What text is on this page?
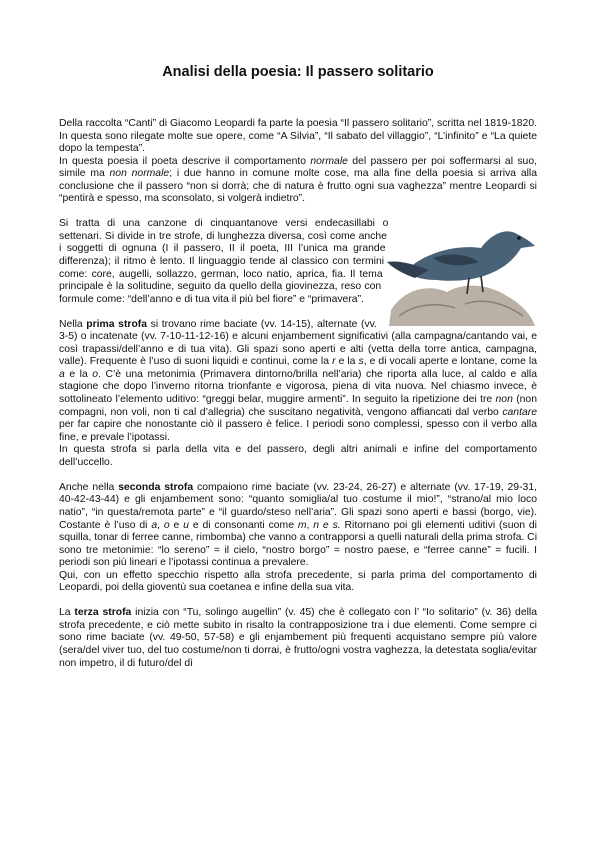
Analisi della poesia: Il passero solitario

Della raccolta “Canti” di Giacomo Leopardi fa parte la poesia “Il passero solitario”, scritta nel 1819-1820. In questa sono rilegate molte sue opere, come “A Silvia”, “Il sabato del villaggio”, “L’infinito” e “La quiete dopo la tempesta”.

In questa poesia il poeta descrive il comportamento normale del passero per poi soffermarsi al suo, simile ma non normale; i due hanno in comune molte cose, ma alla fine della poesia si arriva alla conclusione che il passero “non si dorrà; che di natura è frutto ogni sua vaghezza” mentre Leopardi si “pentirà e spesso, ma sconsolato, si volgerà indietro”.

Si tratta di una canzone di cinquantanove versi endecasillabi o settenari. Si divide in tre strofe, di lunghezza diversa, così come anche i soggetti di ognuna (I il passero, II il poeta, III l’unica ma grande differenza); il ritmo è lento. Il linguaggio tende al classico con termini come: core, augelli, sollazzo, german, loco natio, aprica, fia. Il tema principale è la solitudine, seguito da quello della giovinezza, reso con formule come: “dell’anno e di tua vita il più bel fiore” e “primavera”.

Nella prima strofa si trovano rime baciate (vv. 14-15), alternate (vv. 3-5) o incatenate (vv. 7-10-11-12-16) e alcuni enjambement significativi (alla campagna/cantando vai, e così trapassi/dell’anno e di tua vita). Gli spazi sono aperti e alti (vetta della torre antica, campagna, valle). Frequente è l’uso di suoni liquidi e continui, come la r e la s, e di vocali aperte e lontane, come la a e la o. C’è una metonimia (Primavera dintorno/brilla nell’aria) che riporta alla luce, al caldo e alla stagione che dopo l’inverno ritorna trionfante e vigorosa, piena di vita nuova. Nel chiasmo invece, è sottolineato l’elemento uditivo: “greggi belar, muggire armenti”. In seguito la ripetizione dei tre non (non compagni, non voli, non ti cal d’allegria) che suscitano negatività, vengono affiancati dal verbo cantare per far capire che nonostante ciò il passero è felice. I periodi sono complessi, spesso con il verbo alla fine, e prevale l’ipotassi.

In questa strofa si parla della vita e del passero, degli altri animali e infine del comportamento dell’uccello.

Anche nella seconda strofa compaiono rime baciate (vv. 23-24, 26-27) e alternate (vv. 17-19, 29-31, 40-42-43-44) e gli enjambement sono: “quanto somiglia/al tuo costume il mio!”, “strano/al mio loco natio”, “in questa/remota parte” e “il guardo/steso nell’aria”. Gli spazi sono aperti e bassi (borgo, vie). Costante è l’uso di a, o e u e di consonanti come m, n e s. Ritornano poi gli elementi uditivi (suon di squilla, tonar di ferree canne, rimbomba) che vanno a contrapporsi a quelli naturali della prima strofa. Ci sono tre metonimie: “lo sereno” = il cielo, “nostro borgo” = nostro paese, e “ferree canne” = fucili. I periodi son più lineari e l’ipotassi continua a prevalere.

Qui, con un effetto specchio rispetto alla strofa precedente, si parla prima del comportamento di Leopardi, poi della gioventù sua coetanea e infine della sua vita.

La terza strofa inizia con “Tu, solingo augellin” (v. 45) che è collegato con l’ “Io solitario” (v. 36) della strofa precedente, e ciò mette subito in risalto la contrapposizione tra i due elementi. Come sempre ci sono rime baciate (vv. 49-50, 57-58) e gli enjambement più frequenti acquistano sempre più valore (sera/del viver tuo, del tuo costume/non ti dorrai, è frutto/ogni vostra vaghezza, la detestata soglia/evitar non impetro, il di futuro/del dì
